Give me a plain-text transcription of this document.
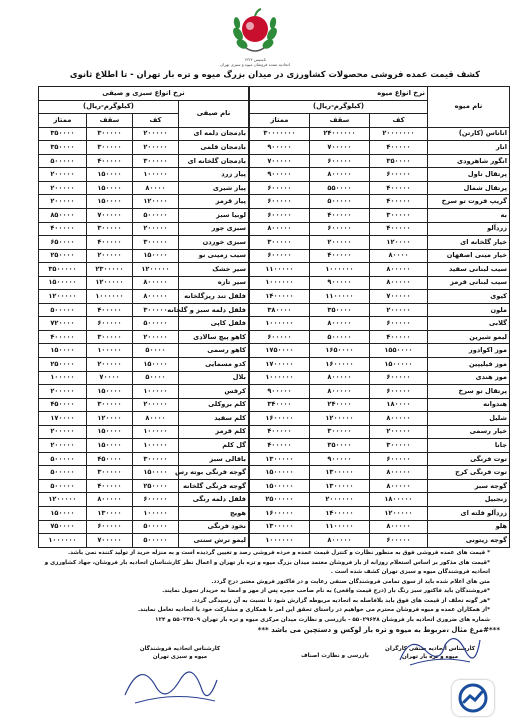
تاسیس ۱۳۲۴
اتحادیه عمده فروشان میوه و سبزی تهران
کشف قیمت عمده فروشی محصولات کشاورزی در میدان بزرگ میوه و تره بار تهران - تا اطلاع ثانوی
نام میوه	نرخ انواع میوه		
	(کیلوگرم-ریال)		
	کف	سقف	ممتاز
اناناس (کارتن)	۲۰۰۰۰۰۰۰	۲۴۰۰۰۰۰۰	۳۰۰۰۰۰۰۰
انار	۴۰۰۰۰۰	۷۰۰۰۰۰	۹۰۰۰۰۰
انگور شاهرودی	۳۵۰۰۰۰	۶۰۰۰۰۰	۷۰۰۰۰۰
پرتقال تاول	۶۰۰۰۰۰	۸۰۰۰۰۰	۹۰۰۰۰۰
پرتقال شمال	۴۰۰۰۰۰	۵۵۰۰۰۰	۶۰۰۰۰۰
گریپ فروت تو سرخ	۴۰۰۰۰۰	۵۰۰۰۰۰	۶۰۰۰۰۰
به	۳۰۰۰۰۰	۴۰۰۰۰۰	۶۰۰۰۰۰
زردآلو	۴۰۰۰۰۰	۶۰۰۰۰۰	۸۰۰۰۰۰
خیار گلخانه ای	۱۲۰۰۰۰	۲۰۰۰۰۰	۳۰۰۰۰۰
خیار مینی اصفهان	۸۰۰۰۰	۴۰۰۰۰۰	۶۰۰۰۰۰
سیب لبنانی سفید	۸۰۰۰۰۰	۱۰۰۰۰۰۰	۱۱۰۰۰۰۰
سیب لبنانی قرمز	۸۰۰۰۰۰	۹۰۰۰۰۰	۱۰۰۰۰۰۰
کیوی	۷۰۰۰۰۰	۱۱۰۰۰۰۰	۱۴۰۰۰۰۰
ملون	۲۰۰۰۰۰	۳۵۰۰۰۰	۳۸۰۰۰۰
گلابی	۶۰۰۰۰۰	۸۰۰۰۰۰	۱۰۰۰۰۰۰
لیمو شیرین	۴۰۰۰۰۰	۵۰۰۰۰۰	۶۰۰۰۰۰
موز اکوادور	۱۵۵۰۰۰۰	۱۶۵۰۰۰۰	۱۷۵۰۰۰۰
موز فیلیپین	۱۵۰۰۰۰۰	۱۶۰۰۰۰۰	۱۷۰۰۰۰۰
موز هندی	۶۰۰۰۰۰	۸۰۰۰۰۰	۱۰۰۰۰۰۰
پرتقال تو سرخ	۶۰۰۰۰۰	۸۰۰۰۰۰	۹۰۰۰۰۰
هندوانه	۱۸۰۰۰۰	۲۴۰۰۰۰	۳۴۰۰۰۰
شلیل	۸۰۰۰۰۰	۱۲۰۰۰۰۰	۱۶۰۰۰۰۰
خیار رسمی	۲۰۰۰۰۰	۳۰۰۰۰۰	۴۰۰۰۰۰
جانا	۳۰۰۰۰۰	۳۵۰۰۰۰	۴۰۰۰۰۰
توت فرنگی	۶۰۰۰۰۰	۹۰۰۰۰۰	۱۳۰۰۰۰۰
توت فرنگی کرج	۸۰۰۰۰۰	۱۳۰۰۰۰۰	۱۵۰۰۰۰۰
گوجه سبز	۸۰۰۰۰۰	۱۳۰۰۰۰۰	۱۵۰۰۰۰۰
زنجبیل	۱۸۰۰۰۰۰	۲۰۰۰۰۰۰	۲۵۰۰۰۰۰
زردآلو فلته ای	۱۲۰۰۰۰۰	۱۴۰۰۰۰۰	۱۶۰۰۰۰۰
هلو	۸۰۰۰۰۰	۱۱۰۰۰۰۰	۱۳۰۰۰۰۰
گوجه زیتونی	۶۰۰۰۰۰	۸۰۰۰۰۰	۱۰۰۰۰۰۰
نرخ انواع سبزی و صیفی			
نام صیفی	(کیلوگرم-ریال)		
	کف	سقف	ممتاز
بادمجان دلمه ای	۲۰۰۰۰۰	۳۰۰۰۰۰	۳۵۰۰۰۰
بادمجان قلمی	۲۰۰۰۰۰	۳۰۰۰۰۰	۳۵۰۰۰۰
بادمجان گلخانه ای	۳۰۰۰۰۰	۴۰۰۰۰۰	۵۰۰۰۰۰
پیاز زرد	۱۰۰۰۰۰	۱۵۰۰۰۰	۲۰۰۰۰۰
پیاز شیری	۸۰۰۰۰	۱۵۰۰۰۰	۲۰۰۰۰۰
پیاز قرمز	۱۲۰۰۰۰	۱۵۰۰۰۰	۲۰۰۰۰۰
لوبیا سبز	۵۰۰۰۰۰	۷۰۰۰۰۰	۸۵۰۰۰۰
سبزی جور	۲۰۰۰۰۰	۳۰۰۰۰۰	۴۰۰۰۰۰
سبزی خوردن	۳۰۰۰۰۰	۴۰۰۰۰۰	۶۵۰۰۰۰
سیب زمینی نو	۱۵۰۰۰۰	۲۰۰۰۰۰	۲۵۰۰۰۰
سیر خشک	۱۲۰۰۰۰۰	۲۳۰۰۰۰۰	۳۵۰۰۰۰۰
سیر تازه	۸۰۰۰۰۰	۱۲۰۰۰۰۰	۱۵۰۰۰۰۰
فلفل تند ریزگلخانه	۸۰۰۰۰۰	۱۰۰۰۰۰۰	۱۲۰۰۰۰۰
فلفل دلمه سبز و گلخانه	۳۰۰۰۰۰	۴۰۰۰۰۰	۵۰۰۰۰۰
فلفل کاپی	۵۰۰۰۰۰	۶۰۰۰۰۰	۷۲۰۰۰۰
کاهو پیچ سالادی	۲۰۰۰۰۰	۳۰۰۰۰۰	۴۰۰۰۰۰
کاهو رسمی	۵۰۰۰۰	۱۰۰۰۰۰	۱۵۰۰۰۰
کدو مسمایی	۱۵۰۰۰۰	۲۰۰۰۰۰	۲۵۰۰۰۰
بلال	۵۰۰۰۰	۷۰۰۰۰	۱۰۰۰۰۰
کرفس	۱۰۰۰۰۰	۱۵۰۰۰۰	۲۰۰۰۰۰
کلم بروکلی	۲۰۰۰۰۰	۳۰۰۰۰۰	۴۵۰۰۰۰
کلم سفید	۸۰۰۰۰	۱۲۰۰۰۰	۱۷۰۰۰۰
کلم قرمز	۱۰۰۰۰۰	۱۵۰۰۰۰	۲۰۰۰۰۰
گل کلم	۱۰۰۰۰۰	۱۵۰۰۰۰	۲۰۰۰۰۰
باقالی سبز	۳۰۰۰۰۰	۴۵۰۰۰۰	۵۰۰۰۰۰
گوجه فرنگی بوته رس	۱۵۰۰۰۰	۳۰۰۰۰۰	۵۰۰۰۰۰
گوجه فرنگی گلخانه	۲۵۰۰۰۰	۴۰۰۰۰۰	۵۰۰۰۰۰
فلفل دلمه رنگی	۶۰۰۰۰۰	۸۰۰۰۰۰	۱۲۰۰۰۰۰
هویج	۱۰۰۰۰۰	۱۳۰۰۰۰	۱۵۰۰۰۰
نخود فرنگی	۵۰۰۰۰۰	۶۰۰۰۰۰	۷۵۰۰۰۰
لیمو ترش سنتی	۵۰۰۰۰۰	۷۰۰۰۰۰	۱۰۰۰۰۰۰

* قیمت های عمده فروشی فوق به منظور نظارت و کنترل قیمت عمده و خرده فروشی رصد و تعیین گردیده است و به منزله خرید از تولید کننده نمی باشد.

*قیمت های مذکور بر اساس استعلام روزانه از بار فروشان معتمد میدان بزرگ میوه و تره بار تهران و اعمال نظر کارشناسان اتحادیه بار فروشان، جهاد کشاورزی و

اتحادیه فروشندگان میوه و سبزی تهران کشف شده است .

متن های اعلام شده باید از سوی تمامی فروشندگان صنفی رعایت و در فاکتور فروش معتبر درج گردد.

*فروشندگان باید فاکتور سبز رنگ بار (درج قیمت واقعی) به نام صاحب حجره پس از مهر و امضا به خریدار تحویل نمایند.

*هر گونه تخلف از قیمت های فوق باید بلافاصله به اتحادیه مربوطه گزارش شود تا نسبت به آن رسیدگی گردد.

*از همکاران عمده و میوه فروشان محترم می خواهیم در راستای تحقق این امر با همکاری و مشارکت خود با اتحادیه تعامل نمایند.

شماره های ضروری اتحادیه بار فروشان ۵۵۰۲۹۶۴۸ - بازرسی و نظارت میدان مرکزی میوه و تره بار تهران ۵۵۰۲۴۵۰۹ و ۱۲۴

***#مرغ مثال ،مربوط به میوه و تره بار لوکس و دستچین می باشد ***
کارشناس اتحادیه صنفی کارگران
میوه و تره بار تهران
بازرسی و نظارت اصناف
کارشناس اتحادیه فروشندگان
میوه و سبزی تهران
